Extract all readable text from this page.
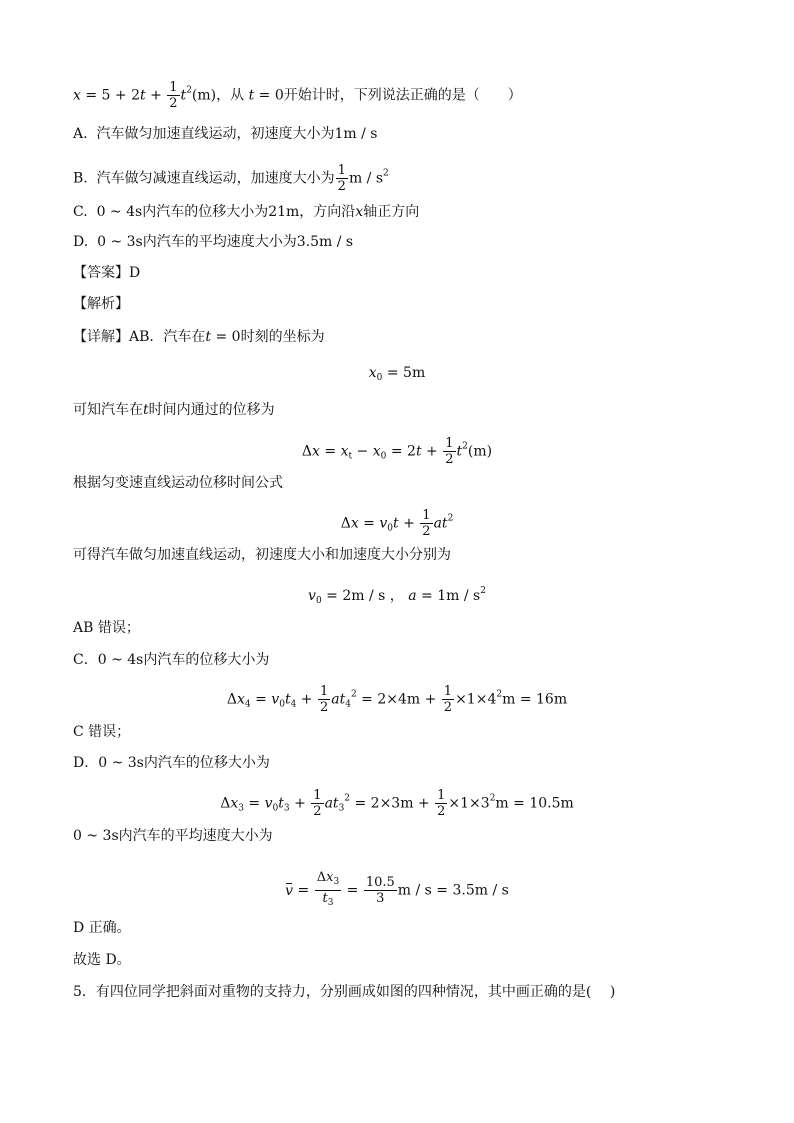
$x = 5 + 2t + \frac{1}{2} t^2(m)$，从 t = 0开始计时，下列说法正确的是（　　）
A. 汽车做匀加速直线运动，初速度大小为1m / s
B. 汽车做匀减速直线运动，加速度大小为 $\frac{1}{2}$ m / $s^2$
C.  0 ~ 4s内汽车的位移大小为21m，方向沿x轴正方向
D.  0 ~ 3s内汽车的平均速度大小为3.5m / s
【答案】D
【解析】
【详解】AB．汽车在t = 0时刻的坐标为
$x_0 = 5m$
可知汽车在t时间内通过的位移为
$\Delta x = x_t - x_0 = 2t + \frac{1}{2} t^2(m)$
根据匀变速直线运动位移时间公式
$\Delta x = v_0t + \frac{1}{2} at^2$
可得汽车做匀加速直线运动，初速度大小和加速度大小分别为
$v_0 = 2m / s$ ， $a = 1m / s^2$
AB 错误；
C．0 ~ 4s内汽车的位移大小为
$\Delta x_4 = v_0t_4 + \frac{1}{2} at_4^2 = 2\times 4m + \frac{1}{2} \times 1\times 4^2m = 16m$
C 错误；
D．0 ~ 3s内汽车的位移大小为
$\Delta x_3 = v_0t_3 + \frac{1}{2} at_3^2 = 2\times 3m + \frac{1}{2} \times 1\times 3^2m = 10.5m$
0 ~ 3s内汽车的平均速度大小为
$v = \frac{\Delta x_3}{t_3} = \frac{10.5}{3}$ m / s = 3.5m / s
D 正确。
故选 D。
5．有四位同学把斜面对重物的支持力，分别画成如图的四种情况，其中画正确的是(　 )
